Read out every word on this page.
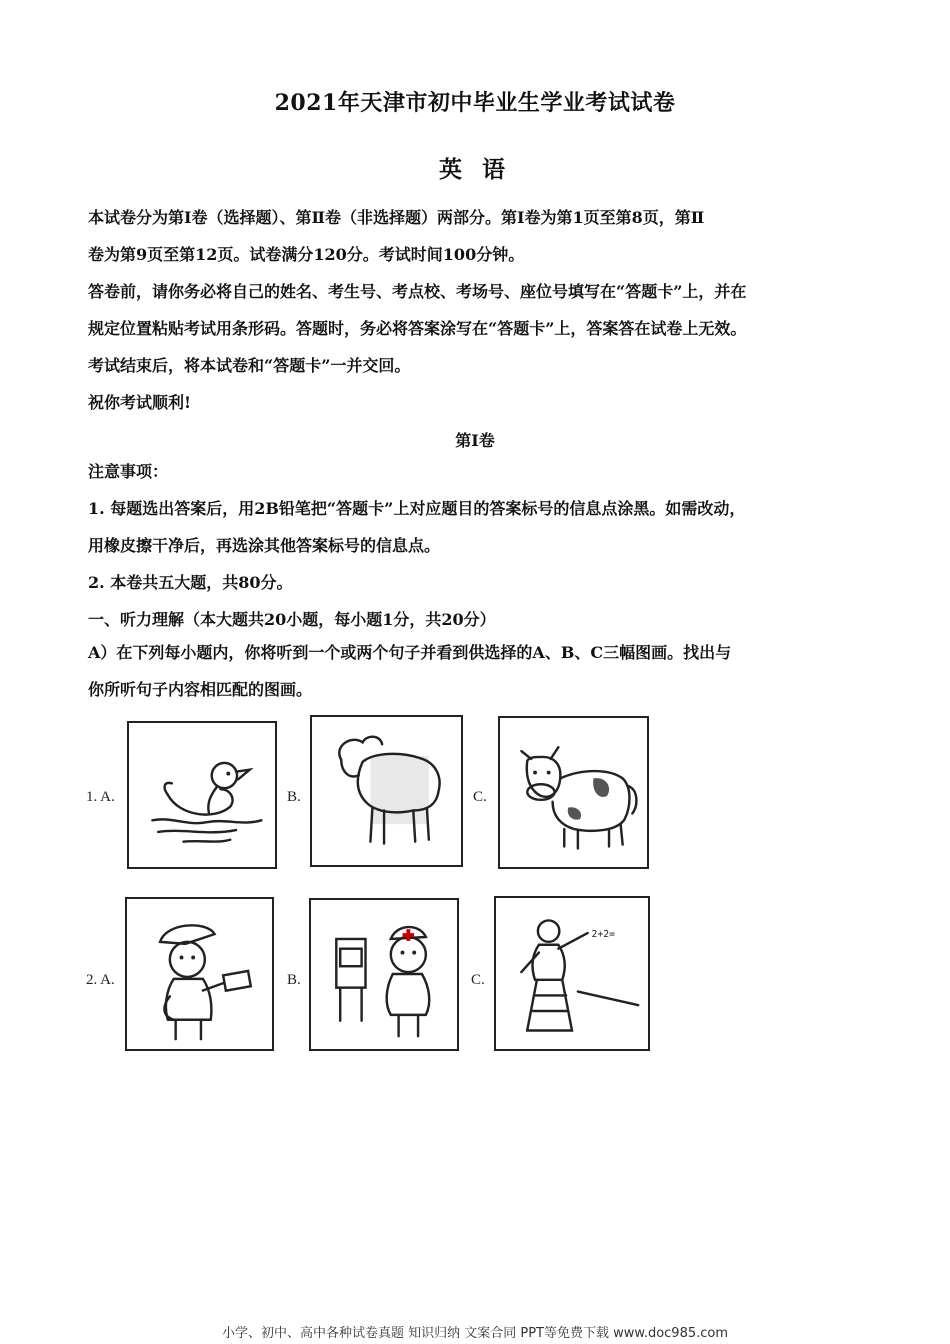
2021年天津市初中毕业生学业考试试卷
英 语
本试卷分为第Ⅰ卷（选择题）、第Ⅱ卷（非选择题）两部分。第Ⅰ卷为第1页至第8页，第Ⅱ
卷为第9页至第12页。试卷满分120分。考试时间100分钟。
答卷前，请你务必将自己的姓名、考生号、考点校、考场号、座位号填写在“答题卡”上，并在
规定位置粘贴考试用条形码。答题时，务必将答案涂写在“答题卡”上，答案答在试卷上无效。
考试结束后，将本试卷和“答题卡”一并交回。
祝你考试顺利!
第Ⅰ卷
注意事项：
1. 每题选出答案后，用2B铅笔把“答题卡”上对应题目的答案标号的信息点涂黑。如需改动，
用橡皮擦干净后，再选涂其他答案标号的信息点。
2. 本卷共五大题，共80分。
一、听力理解（本大题共20小题，每小题1分，共20分）
A）在下列每小题内，你将听到一个或两个句子并看到供选择的A、B、C三幅图画。找出与
你所听句子内容相匹配的图画。
1. A.	B.	C.
2. A.	B.	C.
2+2=
小学、初中、高中各种试卷真题 知识归纳 文案合同 PPT等免费下载 www.doc985.com
